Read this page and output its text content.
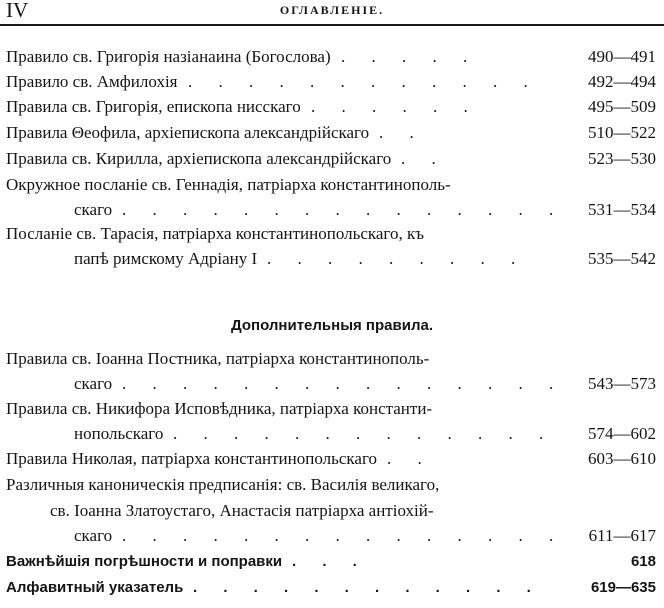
IV	ОГЛАВЛЕНІЕ.
Дополнительныя правила.
Правило св. Григорія назіанаина (Богослова) . . . . .	490—491
Правило св. Амфилохія . . . . . . . . . . . .	492—494
Правила св. Григорія, епископа нисскаго . . . . . .	495—509
Правила Θеофила, архіепископа александрійскаго . .	510—522
Правила св. Кирилла, архіепископа александрійскаго . .	523—530
Окружное посланіе св. Геннадія, патріарха константинополь-
скаго . . . . . . . . . . . . . . .	531—534
Посланіе св. Тарасія, патріарха константинопольскаго, къ
папѣ римскому Адріану I . . . . . . . . .	535—542
Правила св. Іоанна Постника, патріарха константинополь-
скаго . . . . . . . . . . . . . . .	543—573
Правила св. Никифора Исповѣдника, патріарха константи-
нопольскаго . . . . . . . . . . . . .	574—602
Правила Николая, патріарха константинопольскаго . .	603—610
Различныя каноническія предписанія: св. Василія великаго,
св. Іоанна Златоустаго, Анастасія патріарха антіохій-
скаго . . . . . . . . . . . . . . .	611—617
Важнѣйшія погрѣшности и поправки . . .	618
Алфавитный указатель . . . . . . . . . . . .	619—635
